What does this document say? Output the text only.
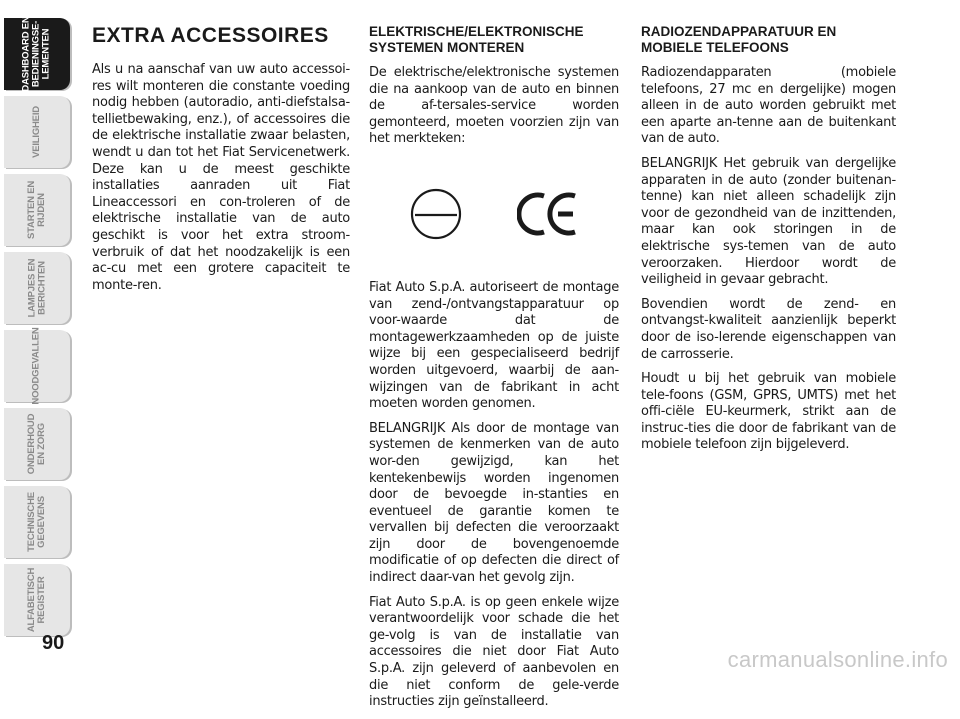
DASHBOARD EN
BEDIENINGSE-
LEMENTEN
VEILIGHEID
STARTEN EN
RIJDEN
LAMPJES EN
BERICHTEN
NOODGEVALLEN
ONDERHOUD
EN ZORG
TECHNISCHE
GEGEVENS
ALFABETISCH
REGISTER
90
EXTRA ACCESSOIRES

Als u na aanschaf van uw auto accessoi-res wilt monteren die constante voeding nodig hebben (autoradio, anti-diefstalsa-tellietbewaking, enz.), of accessoires die de elektrische installatie zwaar belasten, wendt u dan tot het Fiat Servicenetwerk. Deze kan u de meest geschikte installaties aanraden uit Fiat Lineaccessori en con-troleren of de elektrische installatie van de auto geschikt is voor het extra stroom-verbruik of dat het noodzakelijk is een ac-cu met een grotere capaciteit te monte-ren.

ELEKTRISCHE/ELEKTRONISCHE SYSTEMEN MONTEREN

De elektrische/elektronische systemen die na aankoop van de auto en binnen de af-tersales-service worden gemonteerd, moeten voorzien zijn van het merkteken:

Fiat Auto S.p.A. autoriseert de montage van zend-/ontvangstapparatuur op voor-waarde dat de montagewerkzaamheden op de juiste wijze bij een gespecialiseerd bedrijf worden uitgevoerd, waarbij de aan-wijzingen van de fabrikant in acht moeten worden genomen.

BELANGRIJK Als door de montage van systemen de kenmerken van de auto wor-den gewijzigd, kan het kentekenbewijs worden ingenomen door de bevoegde in-stanties en eventueel de garantie komen te vervallen bij defecten die veroorzaakt zijn door de bovengenoemde modificatie of op defecten die direct of indirect daar-van het gevolg zijn.

Fiat Auto S.p.A. is op geen enkele wijze verantwoordelijk voor schade die het ge-volg is van de installatie van accessoires die niet door Fiat Auto S.p.A. zijn geleverd of aanbevolen en die niet conform de gele-verde instructies zijn geïnstalleerd.

RADIOZENDAPPARATUUR EN MOBIELE TELEFOONS

Radiozendapparaten (mobiele telefoons, 27 mc en dergelijke) mogen alleen in de auto worden gebruikt met een aparte an-tenne aan de buitenkant van de auto.

BELANGRIJK Het gebruik van dergelijke apparaten in de auto (zonder buitenan-tenne) kan niet alleen schadelijk zijn voor de gezondheid van de inzittenden, maar kan ook storingen in de elektrische sys-temen van de auto veroorzaken. Hierdoor wordt de veiligheid in gevaar gebracht.

Bovendien wordt de zend- en ontvangst-kwaliteit aanzienlijk beperkt door de iso-lerende eigenschappen van de carrosserie.

Houdt u bij het gebruik van mobiele tele-foons (GSM, GPRS, UMTS) met het offi-ciële EU-keurmerk, strikt aan de instruc-ties die door de fabrikant van de mobiele telefoon zijn bijgeleverd.

carmanualsonline.info
